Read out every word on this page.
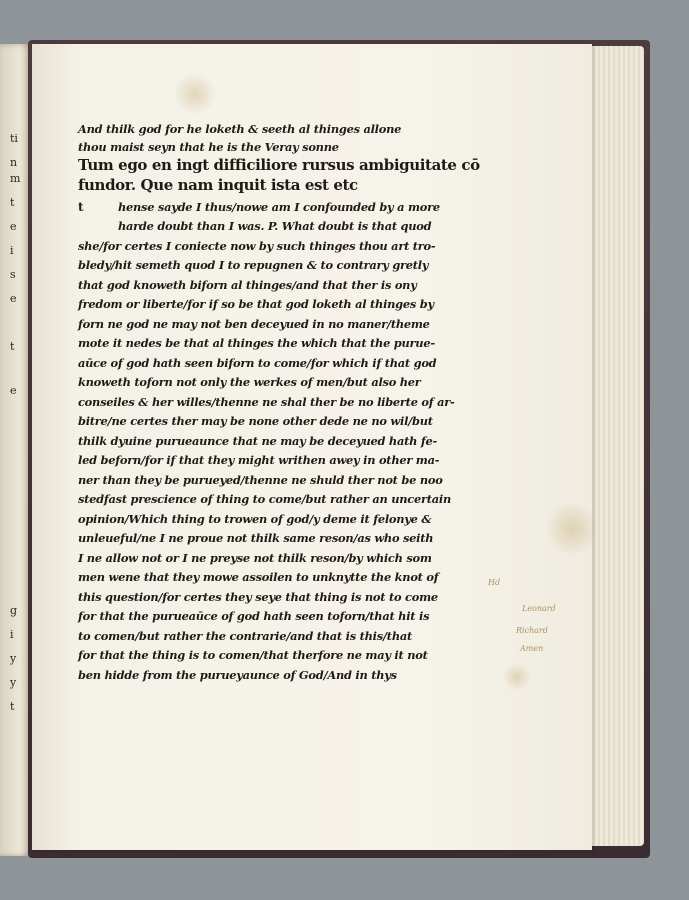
ti
n
m
t
e
i
s
e
t
e
g
i
y
y
t
And thilk god for he loketh & seeth al thinges allone
thou maist seyn that he is the Veray sonne
Tum ego en ingt difficiliore rursus ambiguitate cō
fundor. Que nam inquit ista est etc
t	hense sayde I thus/nowe am I confounded by a more
harde doubt than I was. P. What doubt is that quod
she/for certes I coniecte now by such thinges thou art tro-
bledy/hit semeth quod I to repugnen & to contrary gretly
that god knoweth biforn al thinges/and that ther is ony
fredom or liberte/for if so be that god loketh al thinges by
forn ne god ne may not ben deceyued in no maner/theme
mote it nedes be that al thinges the which that the purue-
aūce of god hath seen biforn to come/for which if that god
knoweth toforn not only the werkes of men/but also her
conseiles & her willes/thenne ne shal ther be no liberte of ar-
bitre/ne certes ther may be none other dede ne no wil/but
thilk dyuine purueaunce that ne may be deceyued hath fe-
led beforn/for if that they might writhen awey in other ma-
ner than they be purueyed/thenne ne shuld ther not be noo
stedfast prescience of thing to come/but rather an uncertain
opinion/Which thing to trowen of god/y deme it felonye &
unleueful/ne I ne proue not thilk same reson/as who seith
I ne allow not or I ne preyse not thilk reson/by which som
men wene that they mowe assoilen to unknytte the knot of
this question/for certes they seye that thing is not to come
for that the purueaūce of god hath seen toforn/that hit is
to comen/but rather the contrarie/and that is this/that
for that the thing is to comen/that therfore ne may it not
ben hidde from the purueyaunce of God/And in thys
Hd
Leonard
Richard
Amen
